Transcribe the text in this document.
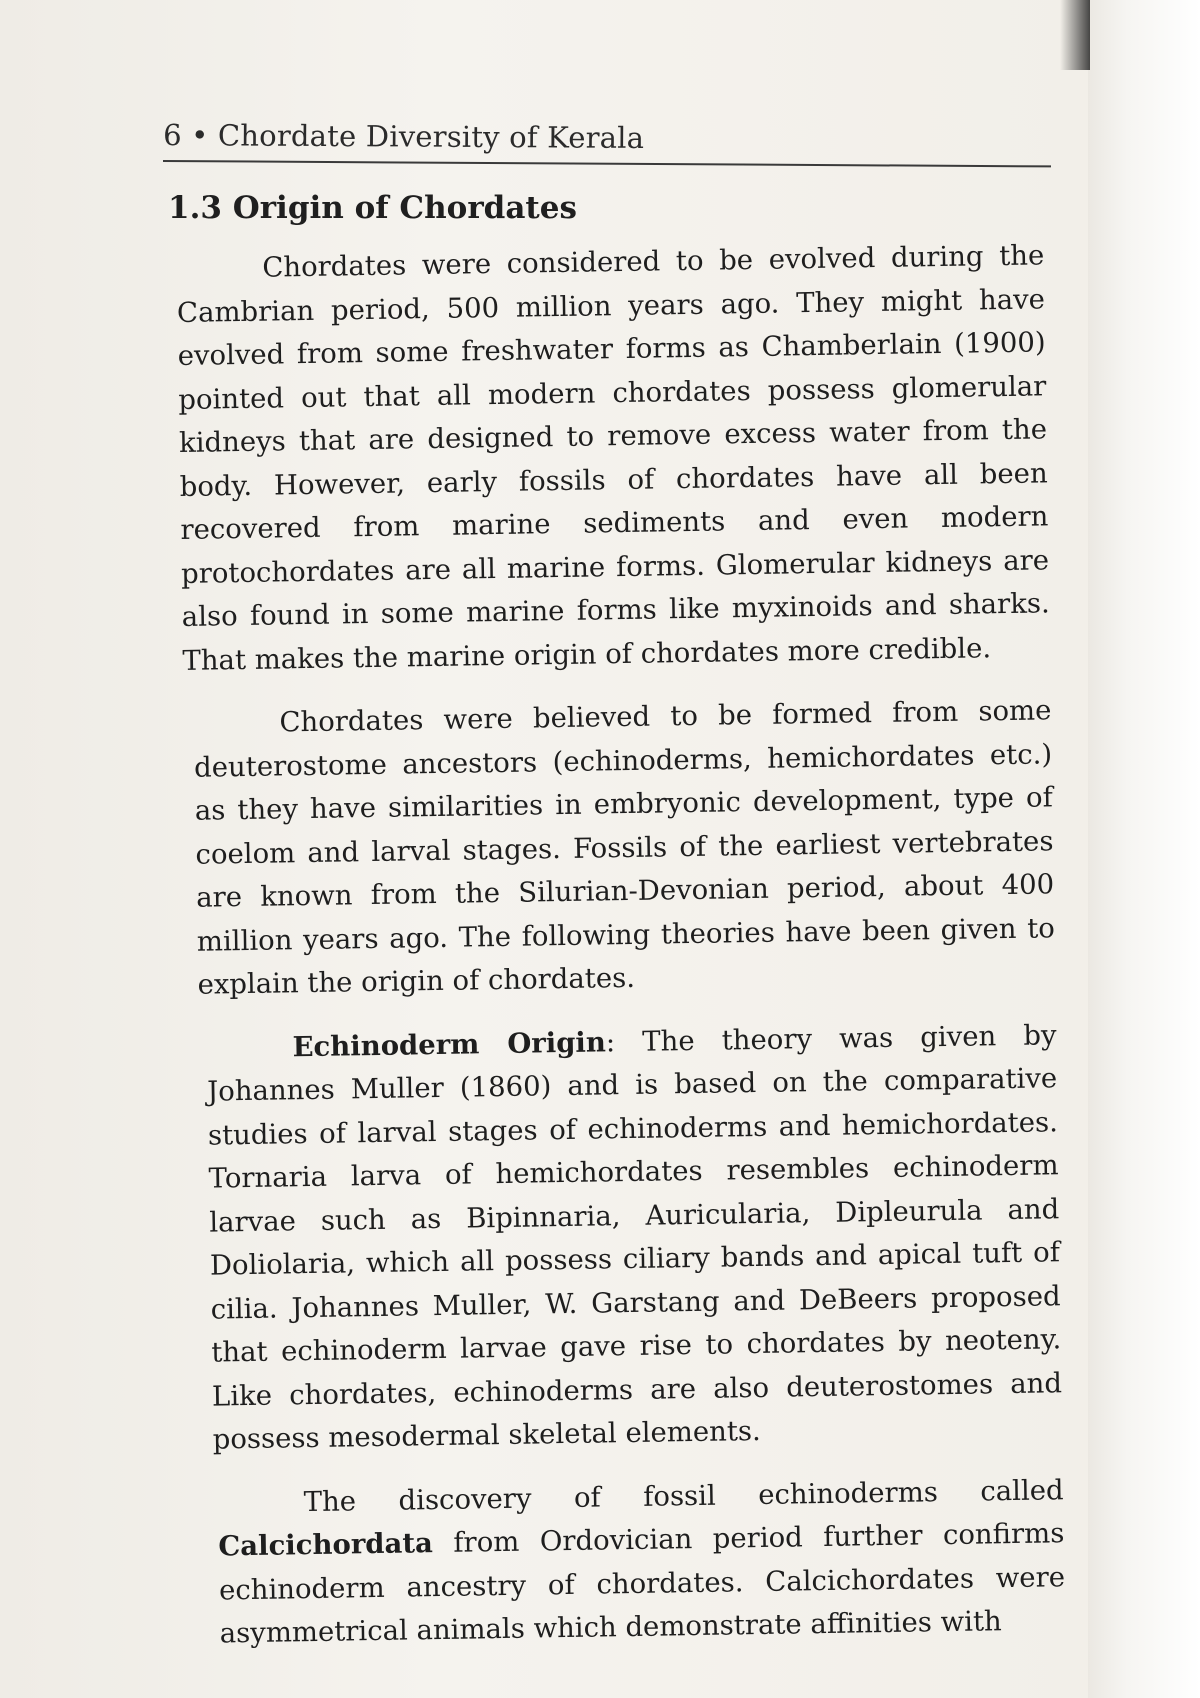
6 • Chordate Diversity of Kerala
1.3 Origin of Chordates

Chordates were considered to be evolved during the Cambrian period, 500 million years ago. They might have evolved from some freshwater forms as Chamberlain (1900) pointed out that all modern chordates possess glomerular kidneys that are designed to remove excess water from the body. However, early fossils of chordates have all been recovered from marine sediments and even modern protochordates are all marine forms. Glomerular kidneys are also found in some marine forms like myxinoids and sharks. That makes the marine origin of chordates more credible.

Chordates were believed to be formed from some deuterostome ancestors (echinoderms, hemichordates etc.) as they have similarities in embryonic development, type of coelom and larval stages. Fossils of the earliest vertebrates are known from the Silurian-Devonian period, about 400 million years ago. The following theories have been given to explain the origin of chordates.

Echinoderm Origin: The theory was given by Johannes Muller (1860) and is based on the comparative studies of larval stages of echinoderms and hemichordates. Tornaria larva of hemichordates resembles echinoderm larvae such as Bipinnaria, Auricularia, Dipleurula and Doliolaria, which all possess ciliary bands and apical tuft of cilia. Johannes Muller, W. Garstang and DeBeers proposed that echinoderm larvae gave rise to chordates by neoteny. Like chordates, echinoderms are also deuterostomes and possess mesodermal skeletal elements.

The discovery of fossil echinoderms called Calcichordata from Ordovician period further confirms echinoderm ancestry of chordates. Calcichordates were asymmetrical animals which demonstrate affinities with
